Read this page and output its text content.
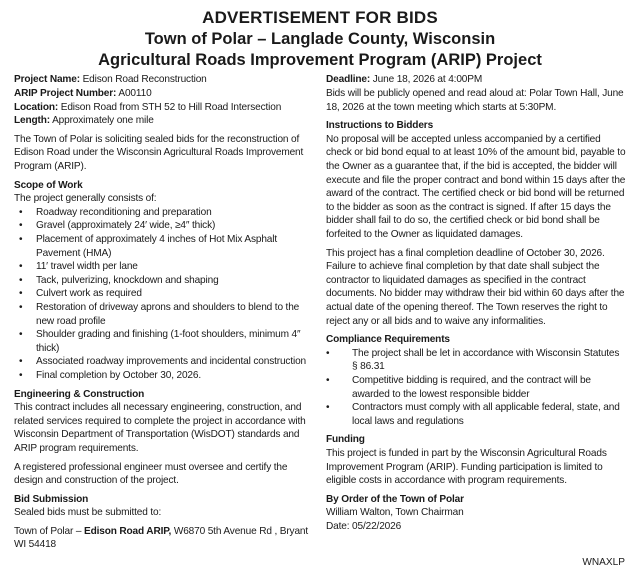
ADVERTISEMENT FOR BIDS
Town of Polar – Langlade County, Wisconsin
Agricultural Roads Improvement Program (ARIP) Project

Project Name: Edison Road Reconstruction

ARIP Project Number: A00110

Location: Edison Road from STH 52 to Hill Road Intersection

Length: Approximately one mile

The Town of Polar is soliciting sealed bids for the reconstruction of Edison Road under the Wisconsin Agricultural Roads Improvement Program (ARIP).

Scope of Work

The project generally consists of:

• Roadway reconditioning and preparation
• Gravel (approximately 24′ wide, ≥4″ thick)
• Placement of approximately 4 inches of Hot Mix Asphalt Pavement (HMA)
• 11′ travel width per lane
• Tack, pulverizing, knockdown and shaping
• Culvert work as required
• Restoration of driveway aprons and shoulders to blend to the new road profile
• Shoulder grading and finishing (1-foot shoulders, minimum 4″ thick)
• Associated roadway improvements and incidental construction
• Final completion by October 30, 2026.
Engineering & Construction

This contract includes all necessary engineering, construction, and related services required to complete the project in accordance with Wisconsin Department of Transportation (WisDOT) standards and ARIP program requirements.

A registered professional engineer must oversee and certify the design and construction of the project.

Bid Submission

Sealed bids must be submitted to:

Town of Polar – Edison Road ARIP, W6870 5th Avenue Rd , Bryant WI 54418

Deadline: June 18, 2026 at 4:00PM

Bids will be publicly opened and read aloud at: Polar Town Hall, June 18, 2026 at the town meeting which starts at 5:30PM.

Instructions to Bidders

No proposal will be accepted unless accompanied by a certified check or bid bond equal to at least 10% of the amount bid, payable to the Owner as a guarantee that, if the bid is accepted, the bidder will execute and file the proper contract and bond within 15 days after the award of the contract. The certified check or bid bond will be returned to the bidder as soon as the contract is signed. If after 15 days the bidder shall fail to do so, the certified check or bid bond shall be forfeited to the Owner as liquidated damages.

This project has a final completion deadline of October 30, 2026. Failure to achieve final completion by that date shall subject the contractor to liquidated damages as specified in the contract documents. No bidder may withdraw their bid within 60 days after the actual date of the opening thereof. The Town reserves the right to reject any or all bids and to waive any informalities.

Compliance Requirements
• The project shall be let in accordance with Wisconsin Statutes § 86.31
• Competitive bidding is required, and the contract will be awarded to the lowest responsible bidder
• Contractors must comply with all applicable federal, state, and local laws and regulations
Funding

This project is funded in part by the Wisconsin Agricultural Roads Improvement Program (ARIP). Funding participation is limited to eligible costs in accordance with program requirements.

By Order of the Town of Polar

William Walton, Town Chairman

Date: 05/22/2026

WNAXLP
